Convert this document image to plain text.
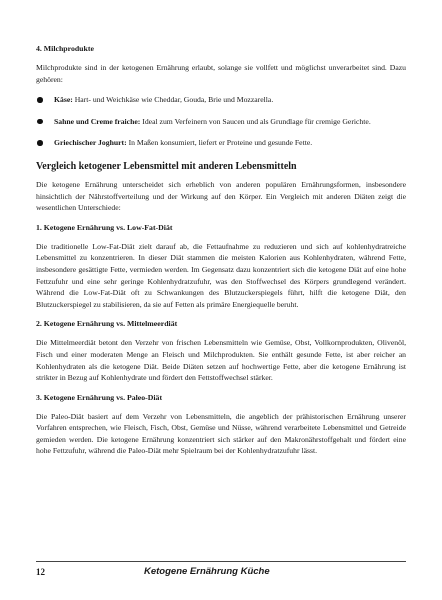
4. Milchprodukte

Milchprodukte sind in der ketogenen Ernährung erlaubt, solange sie vollfett und möglichst unverarbeitet sind. Dazu gehören:

Käse: Hart- und Weichkäse wie Cheddar, Gouda, Brie und Mozzarella.
Sahne und Creme fraiche: Ideal zum Verfeinern von Saucen und als Grundlage für cremige Gerichte.
Griechischer Joghurt: In Maßen konsumiert, liefert er Proteine und gesunde Fette.
Vergleich ketogener Lebensmittel mit anderen Lebensmitteln

Die ketogene Ernährung unterscheidet sich erheblich von anderen populären Ernährungsformen, insbesondere hinsichtlich der Nährstoffverteilung und der Wirkung auf den Körper. Ein Vergleich mit anderen Diäten zeigt die wesentlichen Unterschiede:

1. Ketogene Ernährung vs. Low-Fat-Diät

Die traditionelle Low-Fat-Diät zielt darauf ab, die Fettaufnahme zu reduzieren und sich auf kohlenhydratreiche Lebensmittel zu konzentrieren. In dieser Diät stammen die meisten Kalorien aus Kohlenhydraten, während Fette, insbesondere gesättigte Fette, vermieden werden. Im Gegensatz dazu konzentriert sich die ketogene Diät auf eine hohe Fettzufuhr und eine sehr geringe Kohlenhydratzufuhr, was den Stoffwechsel des Körpers grundlegend verändert. Während die Low-Fat-Diät oft zu Schwankungen des Blutzuckerspiegels führt, hilft die ketogene Diät, den Blutzuckerspiegel zu stabilisieren, da sie auf Fetten als primäre Energiequelle beruht.

2. Ketogene Ernährung vs. Mittelmeerdiät

Die Mittelmeerdiät betont den Verzehr von frischen Lebensmitteln wie Gemüse, Obst, Vollkornprodukten, Olivenöl, Fisch und einer moderaten Menge an Fleisch und Milchprodukten. Sie enthält gesunde Fette, ist aber reicher an Kohlenhydraten als die ketogene Diät. Beide Diäten setzen auf hochwertige Fette, aber die ketogene Ernährung ist strikter in Bezug auf Kohlenhydrate und fördert den Fettstoffwechsel stärker.

3. Ketogene Ernährung vs. Paleo-Diät

Die Paleo-Diät basiert auf dem Verzehr von Lebensmitteln, die angeblich der prähistorischen Ernährung unserer Vorfahren entsprechen, wie Fleisch, Fisch, Obst, Gemüse und Nüsse, während verarbeitete Lebensmittel und Getreide gemieden werden. Die ketogene Ernährung konzentriert sich stärker auf den Makronährstoffgehalt und fördert eine hohe Fettzufuhr, während die Paleo-Diät mehr Spielraum bei der Kohlenhydratzufuhr lässt.

12	Ketogene Ernährung Küche
